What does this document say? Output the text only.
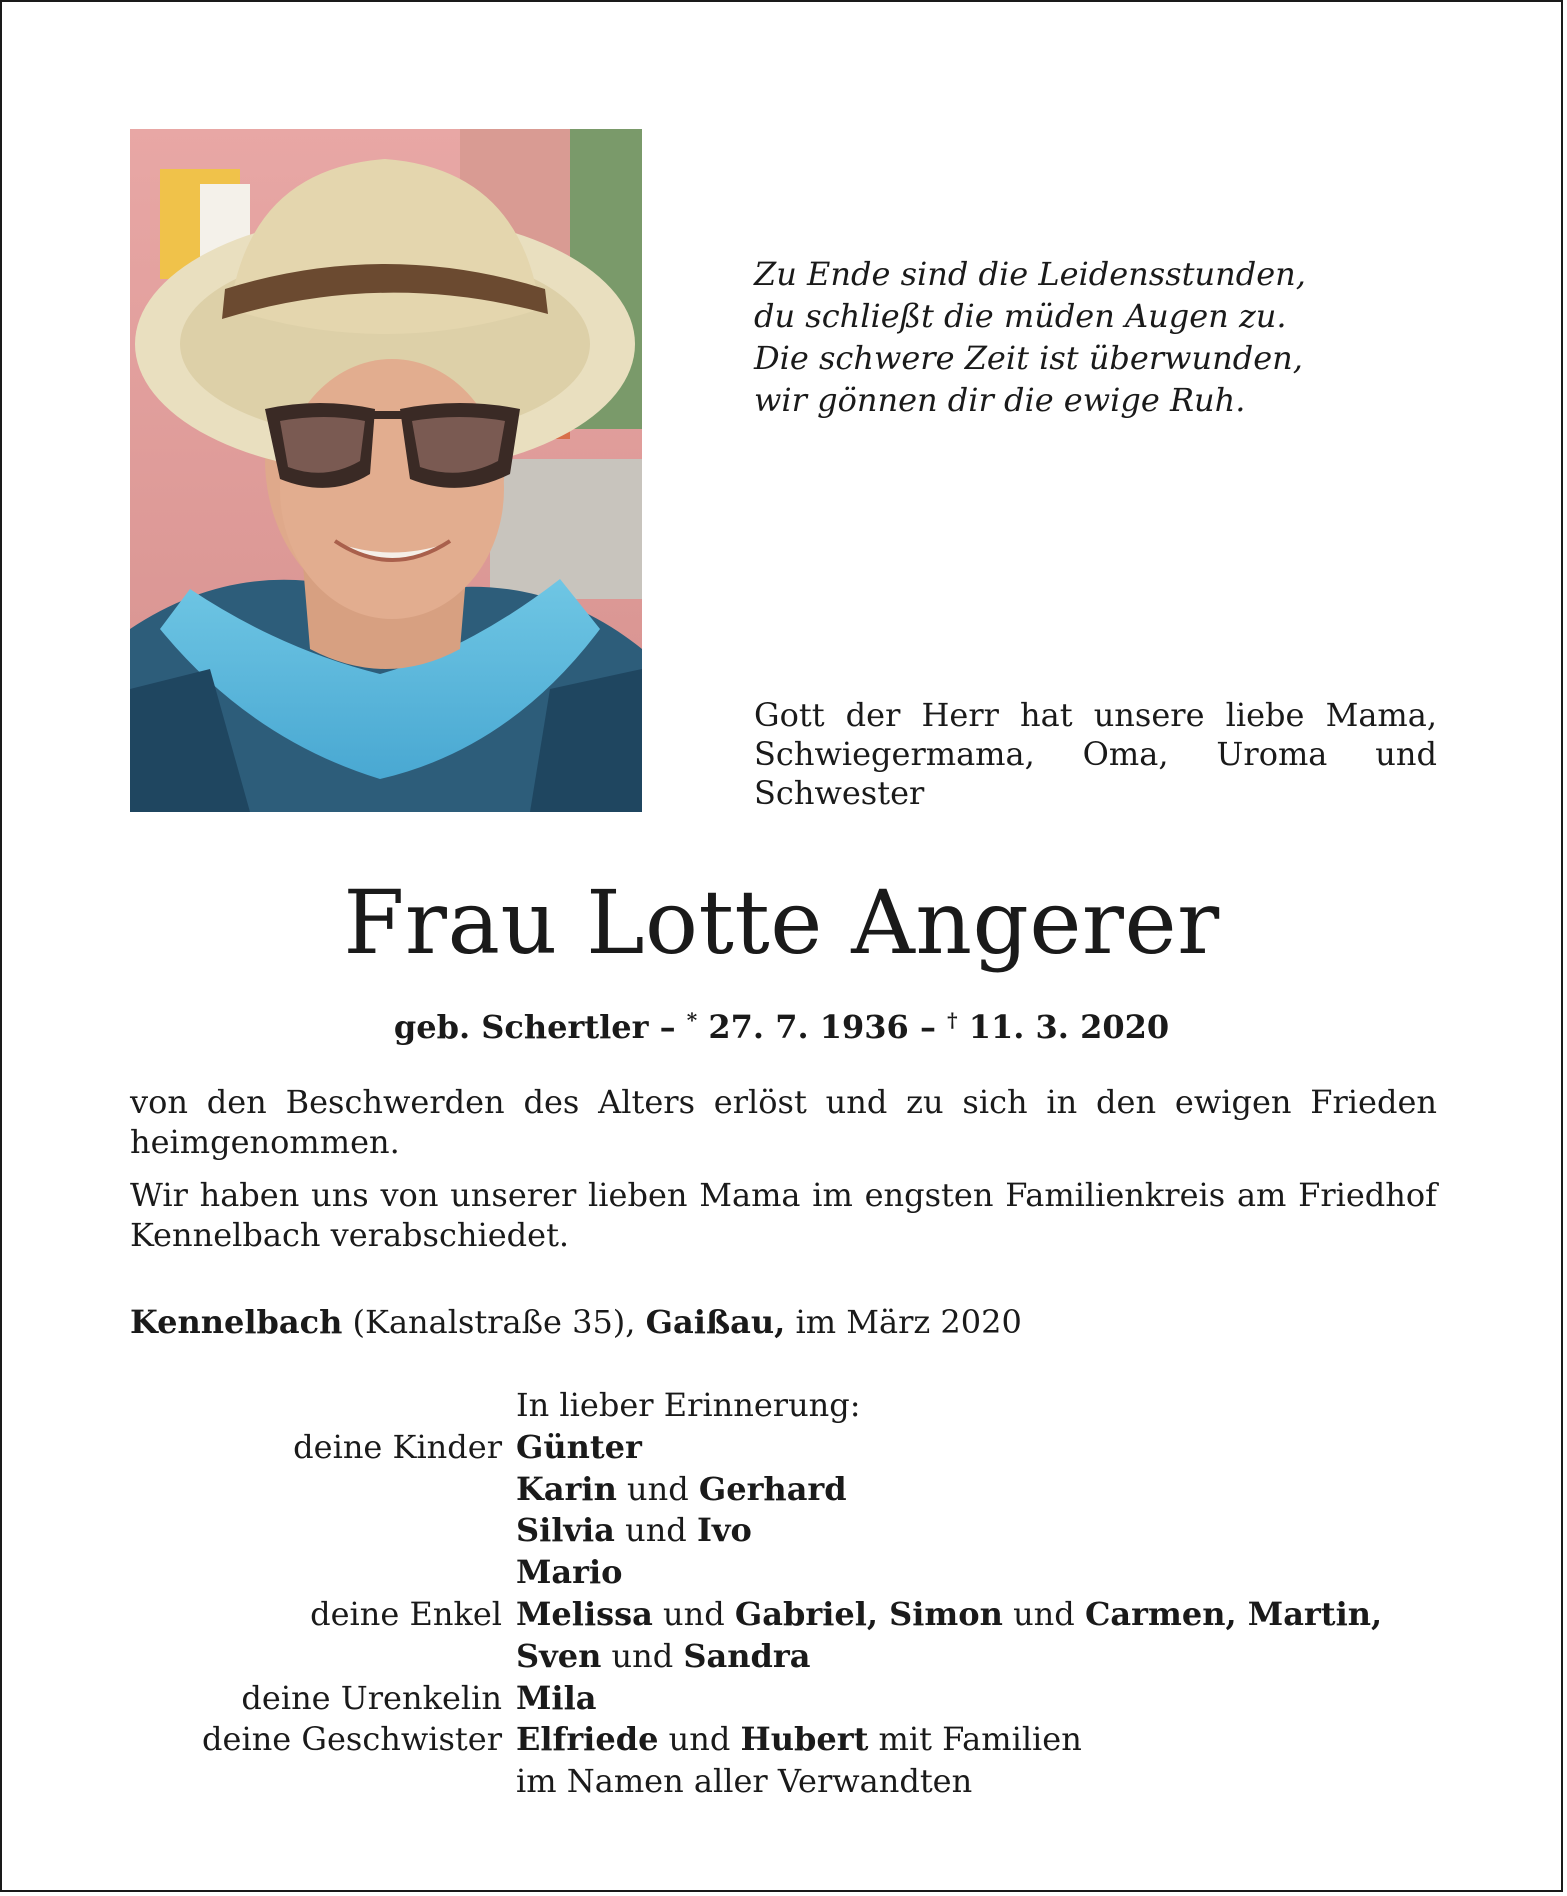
Zu Ende sind die Leidensstunden,
du schließt die müden Augen zu.
Die schwere Zeit ist überwunden,
wir gönnen dir die ewige Ruh.
Gott der Herr hat unsere liebe Mama, Schwiegermama, Oma, Uroma und Schwester
Frau Lotte Angerer
geb. Schertler – * 27. 7. 1936 – † 11. 3. 2020
von den Beschwerden des Alters erlöst und zu sich in den ewigen Frieden heimgenommen.
Wir haben uns von unserer lieben Mama im engsten Familienkreis am Friedhof Kennelbach verabschiedet.
Kennelbach (Kanalstraße 35), Gaißau, im März 2020
In lieber Erinnerung:
deine Kinder Günter
Karin und Gerhard
Silvia und Ivo
Mario
deine Enkel Melissa und Gabriel, Simon und Carmen, Martin,
Sven und Sandra
deine Urenkelin Mila
deine Geschwister Elfriede und Hubert mit Familien
im Namen aller Verwandten
